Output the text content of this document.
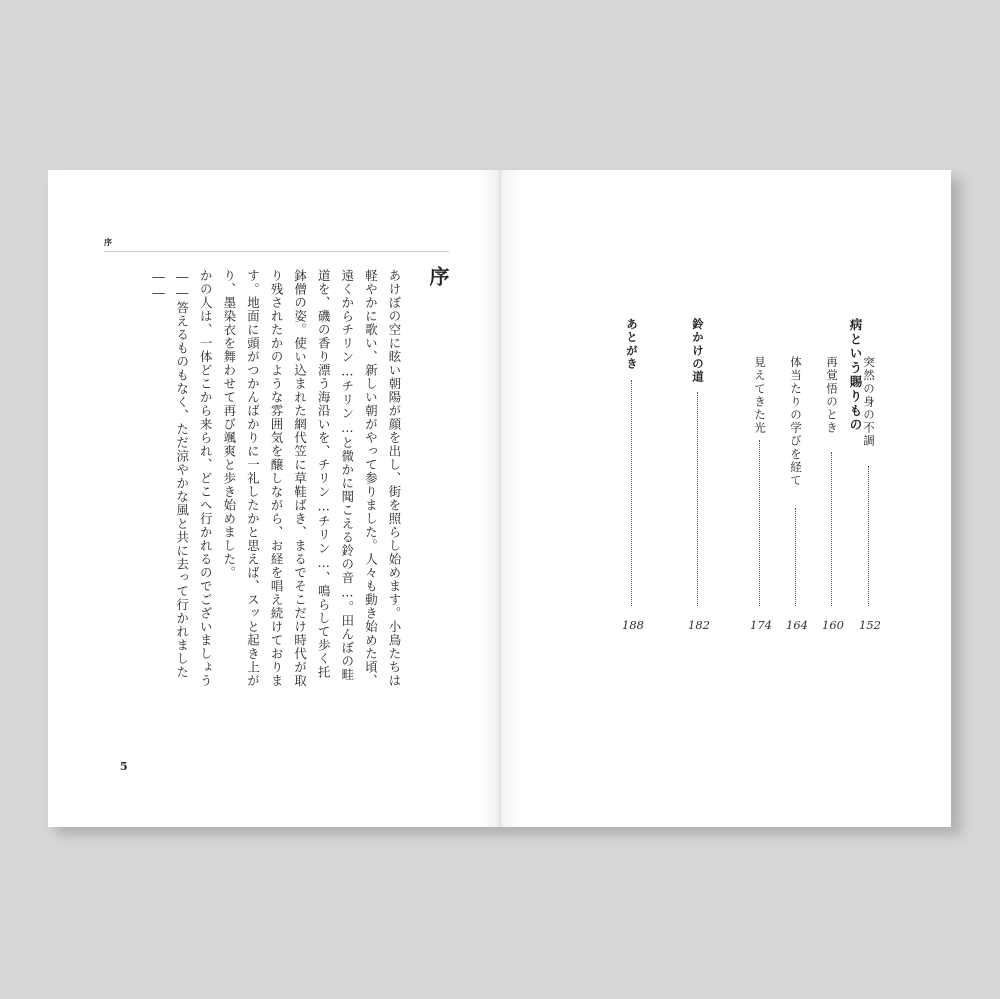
序
序

あけぼの空に眩い朝陽が顔を出し、街を照らし始めます。小鳥たちは軽やかに歌い、新しい朝がやって参りました。人々も動き始めた頃、遠くからチリン…チリン…と微かに聞こえる鈴の音…。田んぼの畦道を、磯の香り漂う海沿いを、チリン…チリン…、鳴らして歩く托鉢僧の姿。使い込まれた網代笠に草鞋ばき、まるでそこだけ時代が取り残されたかのような雰囲気を醸しながら、お経を唱え続けております。地面に頭がつかんばかりに一礼したかと思えば、スッと起き上がり、墨染衣を舞わせて再び颯爽と歩き始めました。

かの人は、一体どこから来られ、どこへ行かれるのでございましょう――答えるものもなく、ただ涼やかな風と共に去って行かれました――

5
病という賜りもの 突然の身の不調
152
再覚悟のとき
160
体当たりの学びを経て
164
見えてきた光
174
鈴かけの道
182
あとがき
188
